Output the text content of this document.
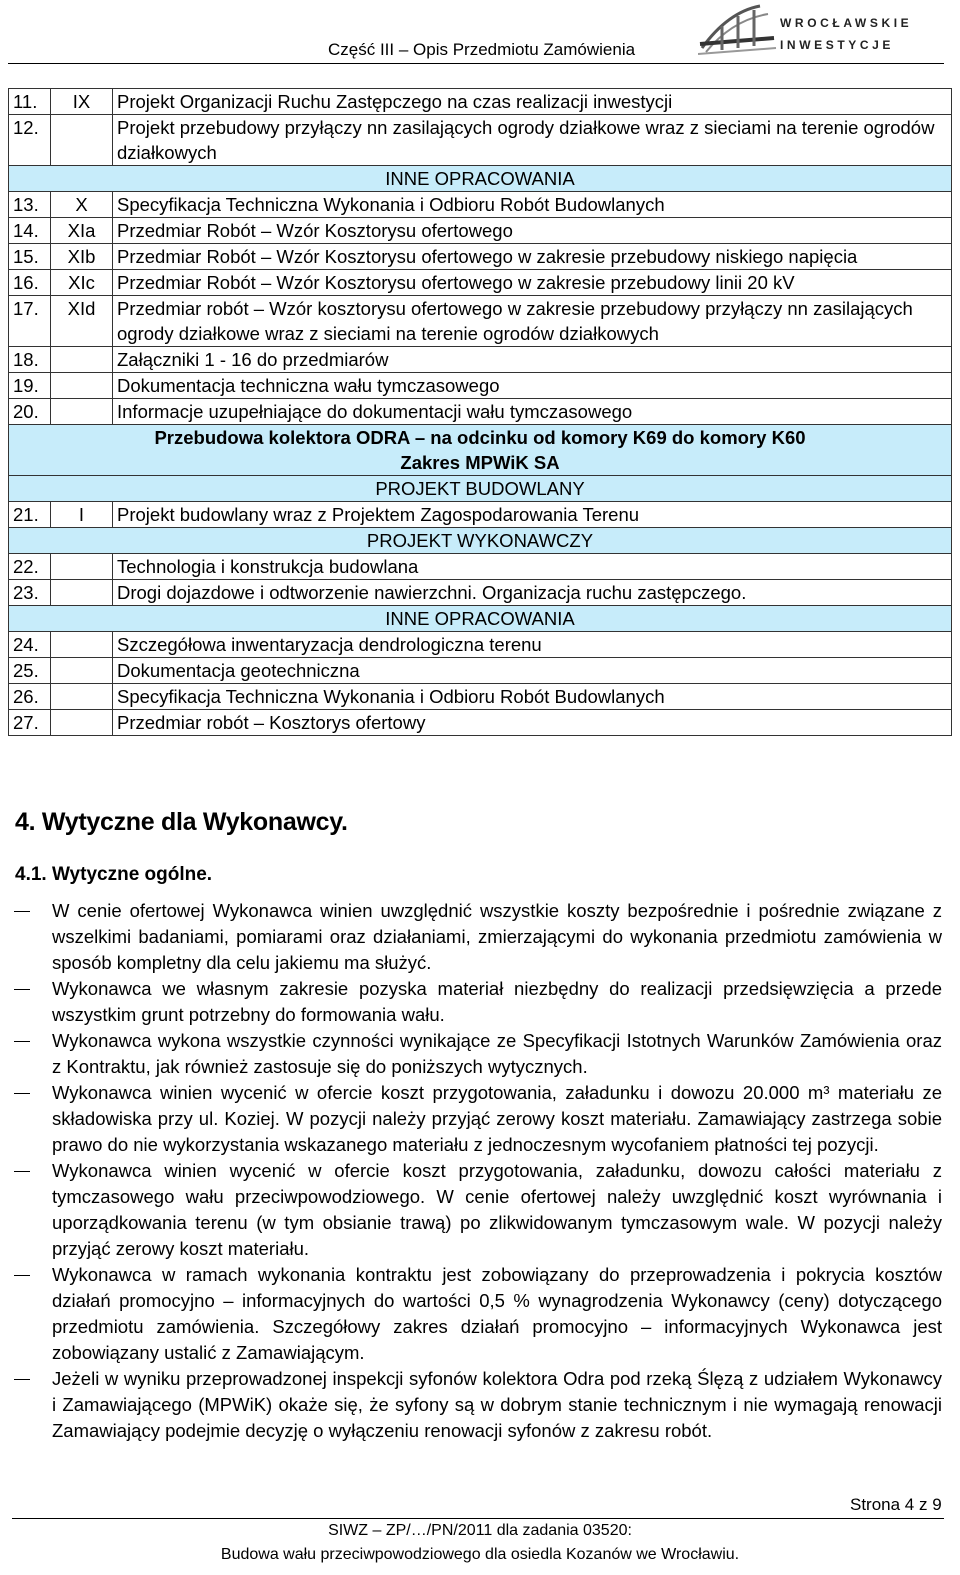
Część III – Opis Przedmiotu Zamówienia
WROCŁAWSKIE
INWESTYCJE
11.	IX	Projekt Organizacji Ruchu Zastępczego na czas realizacji inwestycji
12.		Projekt przebudowy przyłączy nn zasilających ogrody działkowe wraz z sieciami na terenie ogrodów działkowych
INNE OPRACOWANIA		
13.	X	Specyfikacja Techniczna Wykonania i Odbioru Robót Budowlanych
14.	XIa	Przedmiar Robót – Wzór Kosztorysu ofertowego
15.	XIb	Przedmiar Robót – Wzór Kosztorysu ofertowego w zakresie przebudowy niskiego napięcia
16.	XIc	Przedmiar Robót – Wzór Kosztorysu ofertowego w zakresie przebudowy linii 20 kV
17.	XId	Przedmiar robót – Wzór kosztorysu ofertowego w zakresie przebudowy przyłączy nn zasilających ogrody działkowe wraz z sieciami na terenie ogrodów działkowych
18.		Załączniki 1 - 16 do przedmiarów
19.		Dokumentacja techniczna wału tymczasowego
20.		Informacje uzupełniające do dokumentacji wału tymczasowego

Przebudowa kolektora ODRA – na odcinku od komory K69 do komory K60
Zakres MPWiK SA		

PROJEKT BUDOWLANY		
21.	I	Projekt budowlany wraz z Projektem Zagospodarowania Terenu
PROJEKT WYKONAWCZY		
22.		Technologia i konstrukcja budowlana
23.		Drogi dojazdowe i odtworzenie nawierzchni. Organizacja ruchu zastępczego.
INNE OPRACOWANIA		
24.		Szczegółowa inwentaryzacja dendrologiczna terenu
25.		Dokumentacja geotechniczna
26.		Specyfikacja Techniczna Wykonania i Odbioru Robót Budowlanych
27.		Przedmiar robót – Kosztorys ofertowy
4. Wytyczne dla Wykonawcy.
4.1. Wytyczne ogólne.
W cenie ofertowej Wykonawca winien uwzględnić wszystkie koszty bezpośrednie i pośrednie związane z wszelkimi badaniami, pomiarami oraz działaniami, zmierzającymi do wykonania przedmiotu zamówienia w sposób kompletny dla celu jakiemu ma służyć.
Wykonawca we własnym zakresie pozyska materiał niezbędny do realizacji przedsięwzięcia a przede wszystkim grunt potrzebny do formowania wału.
Wykonawca wykona wszystkie czynności wynikające ze Specyfikacji Istotnych Warunków Zamówienia oraz z Kontraktu, jak również zastosuje się do poniższych wytycznych.
Wykonawca winien wycenić w ofercie koszt przygotowania, załadunku i dowozu 20.000 m³ materiału ze składowiska przy ul. Koziej. W pozycji należy przyjąć zerowy koszt materiału. Zamawiający zastrzega sobie prawo do nie wykorzystania wskazanego materiału z jednoczesnym wycofaniem płatności tej pozycji.
Wykonawca winien wycenić w ofercie koszt przygotowania, załadunku, dowozu całości materiału z tymczasowego wału przeciwpowodziowego. W cenie ofertowej należy uwzględnić koszt wyrównania i uporządkowania terenu (w tym obsianie trawą) po zlikwidowanym tymczasowym wale. W pozycji należy przyjąć zerowy koszt materiału.
Wykonawca w ramach wykonania kontraktu jest zobowiązany do przeprowadzenia i pokrycia kosztów działań promocyjno – informacyjnych do wartości 0,5 % wynagrodzenia Wykonawcy (ceny) dotyczącego przedmiotu zamówienia. Szczegółowy zakres działań promocyjno – informacyjnych Wykonawca jest zobowiązany ustalić z Zamawiającym.
Jeżeli w wyniku przeprowadzonej inspekcji syfonów kolektora Odra pod rzeką Ślęzą z udziałem Wykonawcy i Zamawiającego (MPWiK) okaże się, że syfony są w dobrym stanie technicznym i nie wymagają renowacji Zamawiający podejmie decyzję o wyłączeniu renowacji syfonów z zakresu robót.
Strona 4 z 9
SIWZ – ZP/…/PN/2011 dla zadania 03520:
Budowa wału przeciwpowodziowego dla osiedla Kozanów we Wrocławiu.
